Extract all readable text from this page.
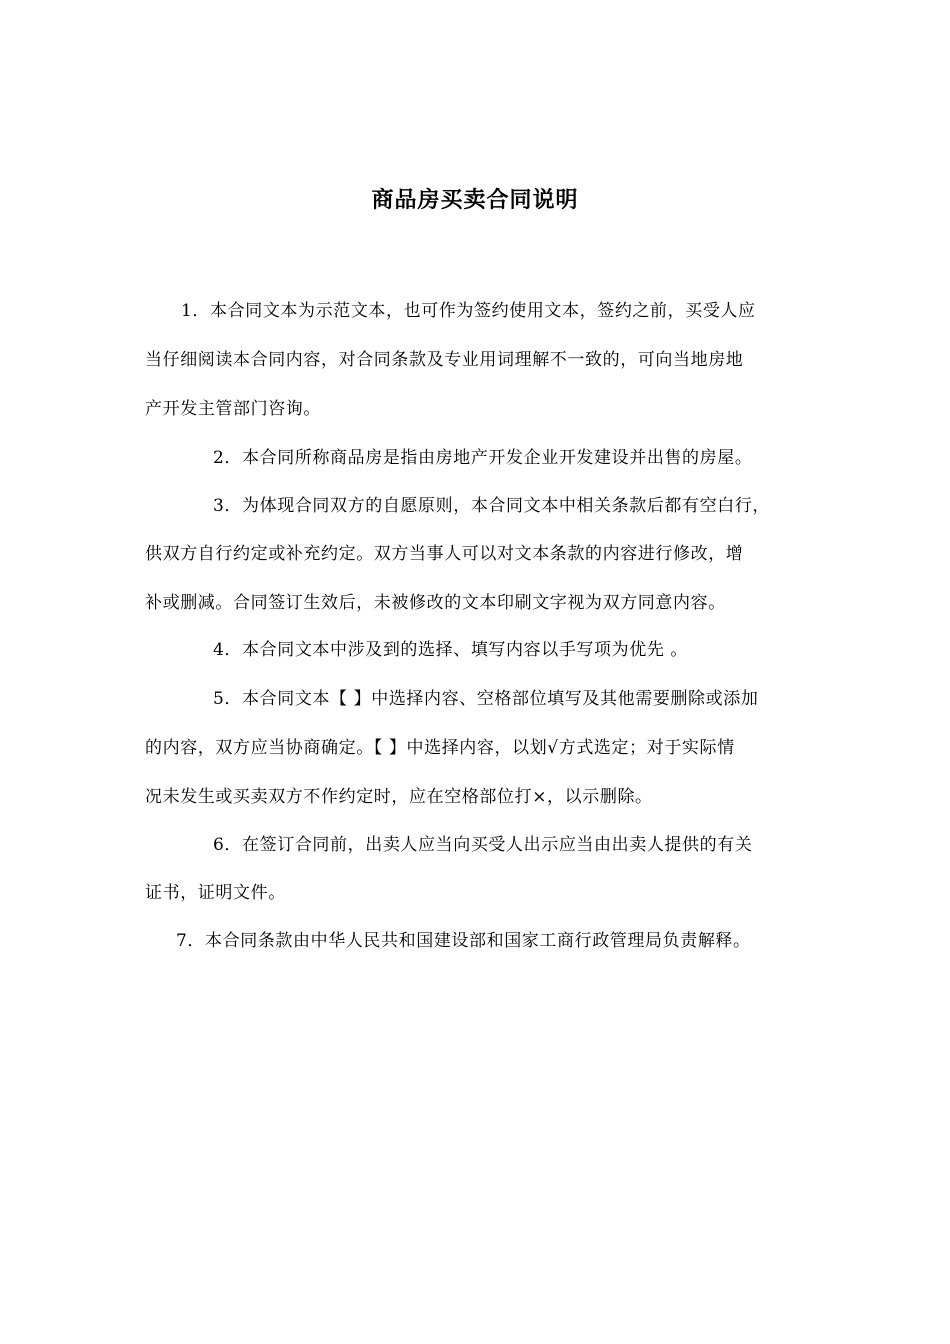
商品房买卖合同说明
1．本合同文本为示范文本，也可作为签约使用文本，签约之前，买受人应
当仔细阅读本合同内容，对合同条款及专业用词理解不一致的，可向当地房地
产开发主管部门咨询。
2．本合同所称商品房是指由房地产开发企业开发建设并出售的房屋。
3．为体现合同双方的自愿原则，本合同文本中相关条款后都有空白行，
供双方自行约定或补充约定。双方当事人可以对文本条款的内容进行修改，增
补或删减。合同签订生效后，未被修改的文本印刷文字视为双方同意内容。
4．本合同文本中涉及到的选择、填写内容以手写项为优先 。
5．本合同文本【 】中选择内容、空格部位填写及其他需要删除或添加
的内容，双方应当协商确定。【 】中选择内容，以划√方式选定；对于实际情
况未发生或买卖双方不作约定时，应在空格部位打×，以示删除。
6．在签订合同前，出卖人应当向买受人出示应当由出卖人提供的有关
证书，证明文件。
7．本合同条款由中华人民共和国建设部和国家工商行政管理局负责解释。
